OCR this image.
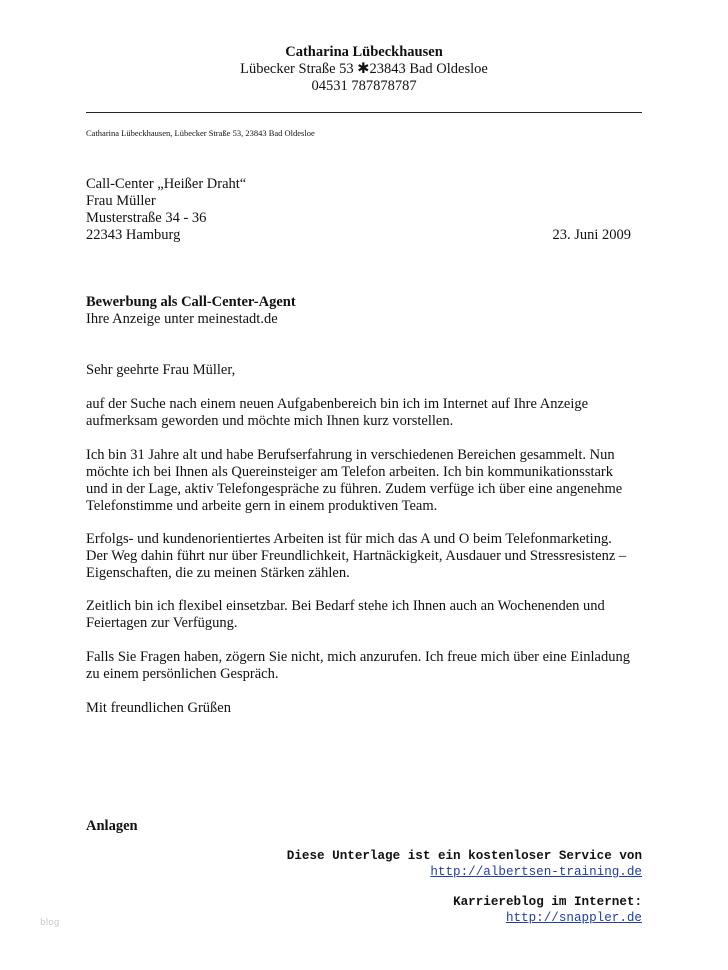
Catharina Lübeckhausen
Lübecker Straße 53 ✱23843 Bad Oldesloe
04531 787878787
Catharina Lübeckhausen, Lübecker Straße 53, 23843 Bad Oldesloe
Call-Center „Heißer Draht“
Frau Müller
Musterstraße 34 - 36
22343 Hamburg	23. Juni 2009
Bewerbung als Call-Center-Agent
Ihre Anzeige unter meinestadt.de
Sehr geehrte Frau Müller,
auf der Suche nach einem neuen Aufgabenbereich bin ich im Internet auf Ihre Anzeige
aufmerksam geworden und möchte mich Ihnen kurz vorstellen.
Ich bin 31 Jahre alt und habe Berufserfahrung in verschiedenen Bereichen gesammelt. Nun
möchte ich bei Ihnen als Quereinsteiger am Telefon arbeiten. Ich bin kommunikationsstark
und in der Lage, aktiv Telefongespräche zu führen. Zudem verfüge ich über eine angenehme
Telefonstimme und arbeite gern in einem produktiven Team.
Erfolgs- und kundenorientiertes Arbeiten ist für mich das A und O beim Telefonmarketing.
Der Weg dahin führt nur über Freundlichkeit, Hartnäckigkeit, Ausdauer und Stressresistenz –
Eigenschaften, die zu meinen Stärken zählen.
Zeitlich bin ich flexibel einsetzbar. Bei Bedarf stehe ich Ihnen auch an Wochenenden und
Feiertagen zur Verfügung.
Falls Sie Fragen haben, zögern Sie nicht, mich anzurufen. Ich freue mich über eine Einladung
zu einem persönlichen Gespräch.
Mit freundlichen Grüßen
Anlagen
Diese Unterlage ist ein kostenloser Service von
http://albertsen-training.de
Karriereblog im Internet:
http://snappler.de
blog
